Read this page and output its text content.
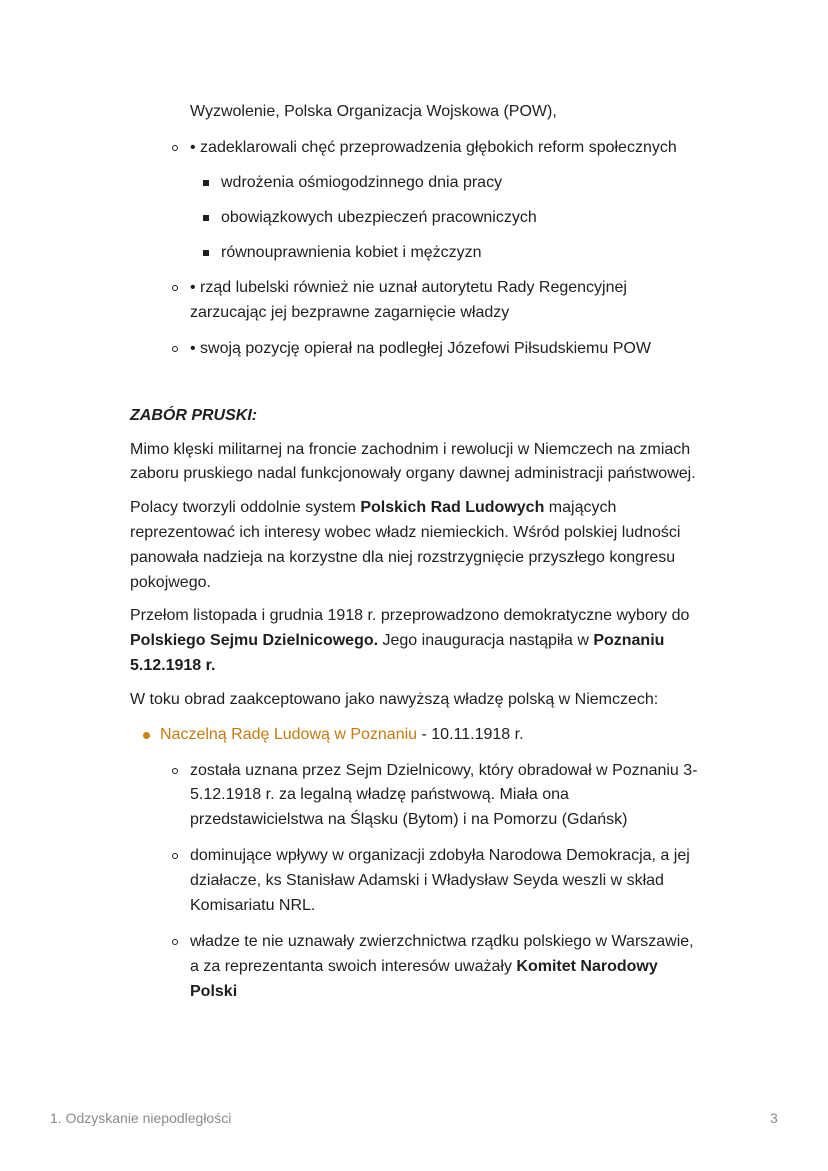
Wyzwolenie, Polska Organizacja Wojskowa (POW),
• zadeklarowali chęć przeprowadzenia głębokich reform społecznych
wdrożenia ośmiogodzinnego dnia pracy
obowiązkowych ubezpieczeń pracowniczych
równouprawnienia kobiet i mężczyzn
• rząd lubelski również nie uznał autorytetu Rady Regencyjnej
zarzucając jej bezprawne zagarnięcie władzy
• swoją pozycję opierał na podległej Józefowi Piłsudskiemu POW
ZABÓR PRUSKI:
Mimo klęski militarnej na froncie zachodnim i rewolucji w Niemczech na zmiach
zaboru pruskiego nadal funkcjonowały organy dawnej administracji państwowej.
Polacy tworzyli oddolnie system Polskich Rad Ludowych mających
reprezentować ich interesy wobec władz niemieckich. Wśród polskiej ludności
panowała nadzieja na korzystne dla niej rozstrzygnięcie przyszłego kongresu
pokojwego.
Przełom listopada i grudnia 1918 r. przeprowadzono demokratyczne wybory do
Polskiego Sejmu Dzielnicowego. Jego inauguracja nastąpiła w Poznaniu
5.12.1918 r.
W toku obrad zaakceptowano jako nawyższą władzę polską w Niemczech:
Naczelną Radę Ludową w Poznaniu - 10.11.1918 r.
została uznana przez Sejm Dzielnicowy, który obradował w Poznaniu 3-
5.12.1918 r. za legalną władzę państwową. Miała ona
przedstawicielstwa na Śląsku (Bytom) i na Pomorzu (Gdańsk)
dominujące wpływy w organizacji zdobyła Narodowa Demokracja, a jej
działacze, ks Stanisław Adamski i Władysław Seyda weszli w skład
Komisariatu NRL.
władze te nie uznawały zwierzchnictwa rządku polskiego w Warszawie,
a za reprezentanta swoich interesów uważały Komitet Narodowy
Polski
1. Odzyskanie niepodległości	3
